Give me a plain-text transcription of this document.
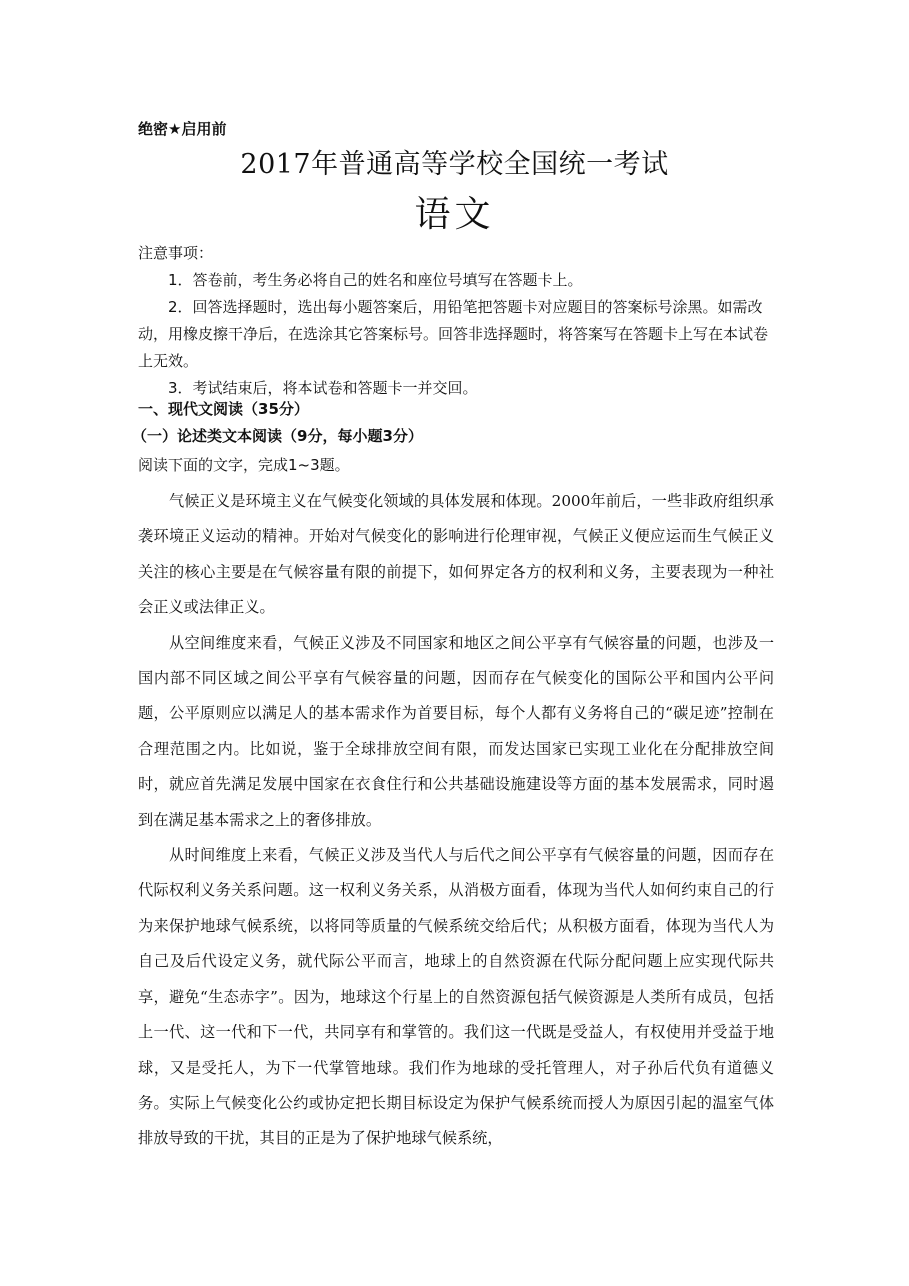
绝密★启用前
2017年普通高等学校全国统一考试
语文

注意事项：

1．答卷前，考生务必将自己的姓名和座位号填写在答题卡上。

2．回答选择题时，选出每小题答案后，用铅笔把答题卡对应题目的答案标号涂黑。如需改动，用橡皮擦干净后，在选涂其它答案标号。回答非选择题时，将答案写在答题卡上写在本试卷上无效。

3．考试结束后，将本试卷和答题卡一并交回。

一、现代文阅读（35分）
（一）论述类文本阅读（9分，每小题3分）
阅读下面的文字，完成1~3题。

气候正义是环境主义在气候变化领域的具体发展和体现。2000年前后，一些非政府组织承袭环境正义运动的精神。开始对气候变化的影响进行伦理审视，气候正义便应运而生气候正义关注的核心主要是在气候容量有限的前提下，如何界定各方的权利和义务，主要表现为一种社会正义或法律正义。

从空间维度来看，气候正义涉及不同国家和地区之间公平享有气候容量的问题，也涉及一国内部不同区域之间公平享有气候容量的问题，因而存在气候变化的国际公平和国内公平问题，公平原则应以满足人的基本需求作为首要目标，每个人都有义务将自己的“碳足迹”控制在合理范围之内。比如说，鉴于全球排放空间有限，而发达国家已实现工业化在分配排放空间时，就应首先满足发展中国家在衣食住行和公共基础设施建设等方面的基本发展需求，同时遏到在满足基本需求之上的奢侈排放。

从时间维度上来看，气候正义涉及当代人与后代之间公平享有气候容量的问题，因而存在代际权利义务关系问题。这一权利义务关系，从消极方面看，体现为当代人如何约束自己的行为来保护地球气候系统，以将同等质量的气候系统交给后代；从积极方面看，体现为当代人为自己及后代设定义务，就代际公平而言，地球上的自然资源在代际分配问题上应实现代际共享，避免“生态赤字”。因为，地球这个行星上的自然资源包括气候资源是人类所有成员，包括上一代、这一代和下一代，共同享有和掌管的。我们这一代既是受益人，有权使用并受益于地球，又是受托人，为下一代掌管地球。我们作为地球的受托管理人，对子孙后代负有道德义务。实际上气候变化公约或协定把长期目标设定为保护气候系统而授人为原因引起的温室气体排放导致的干扰，其目的正是为了保护地球气候系统，
